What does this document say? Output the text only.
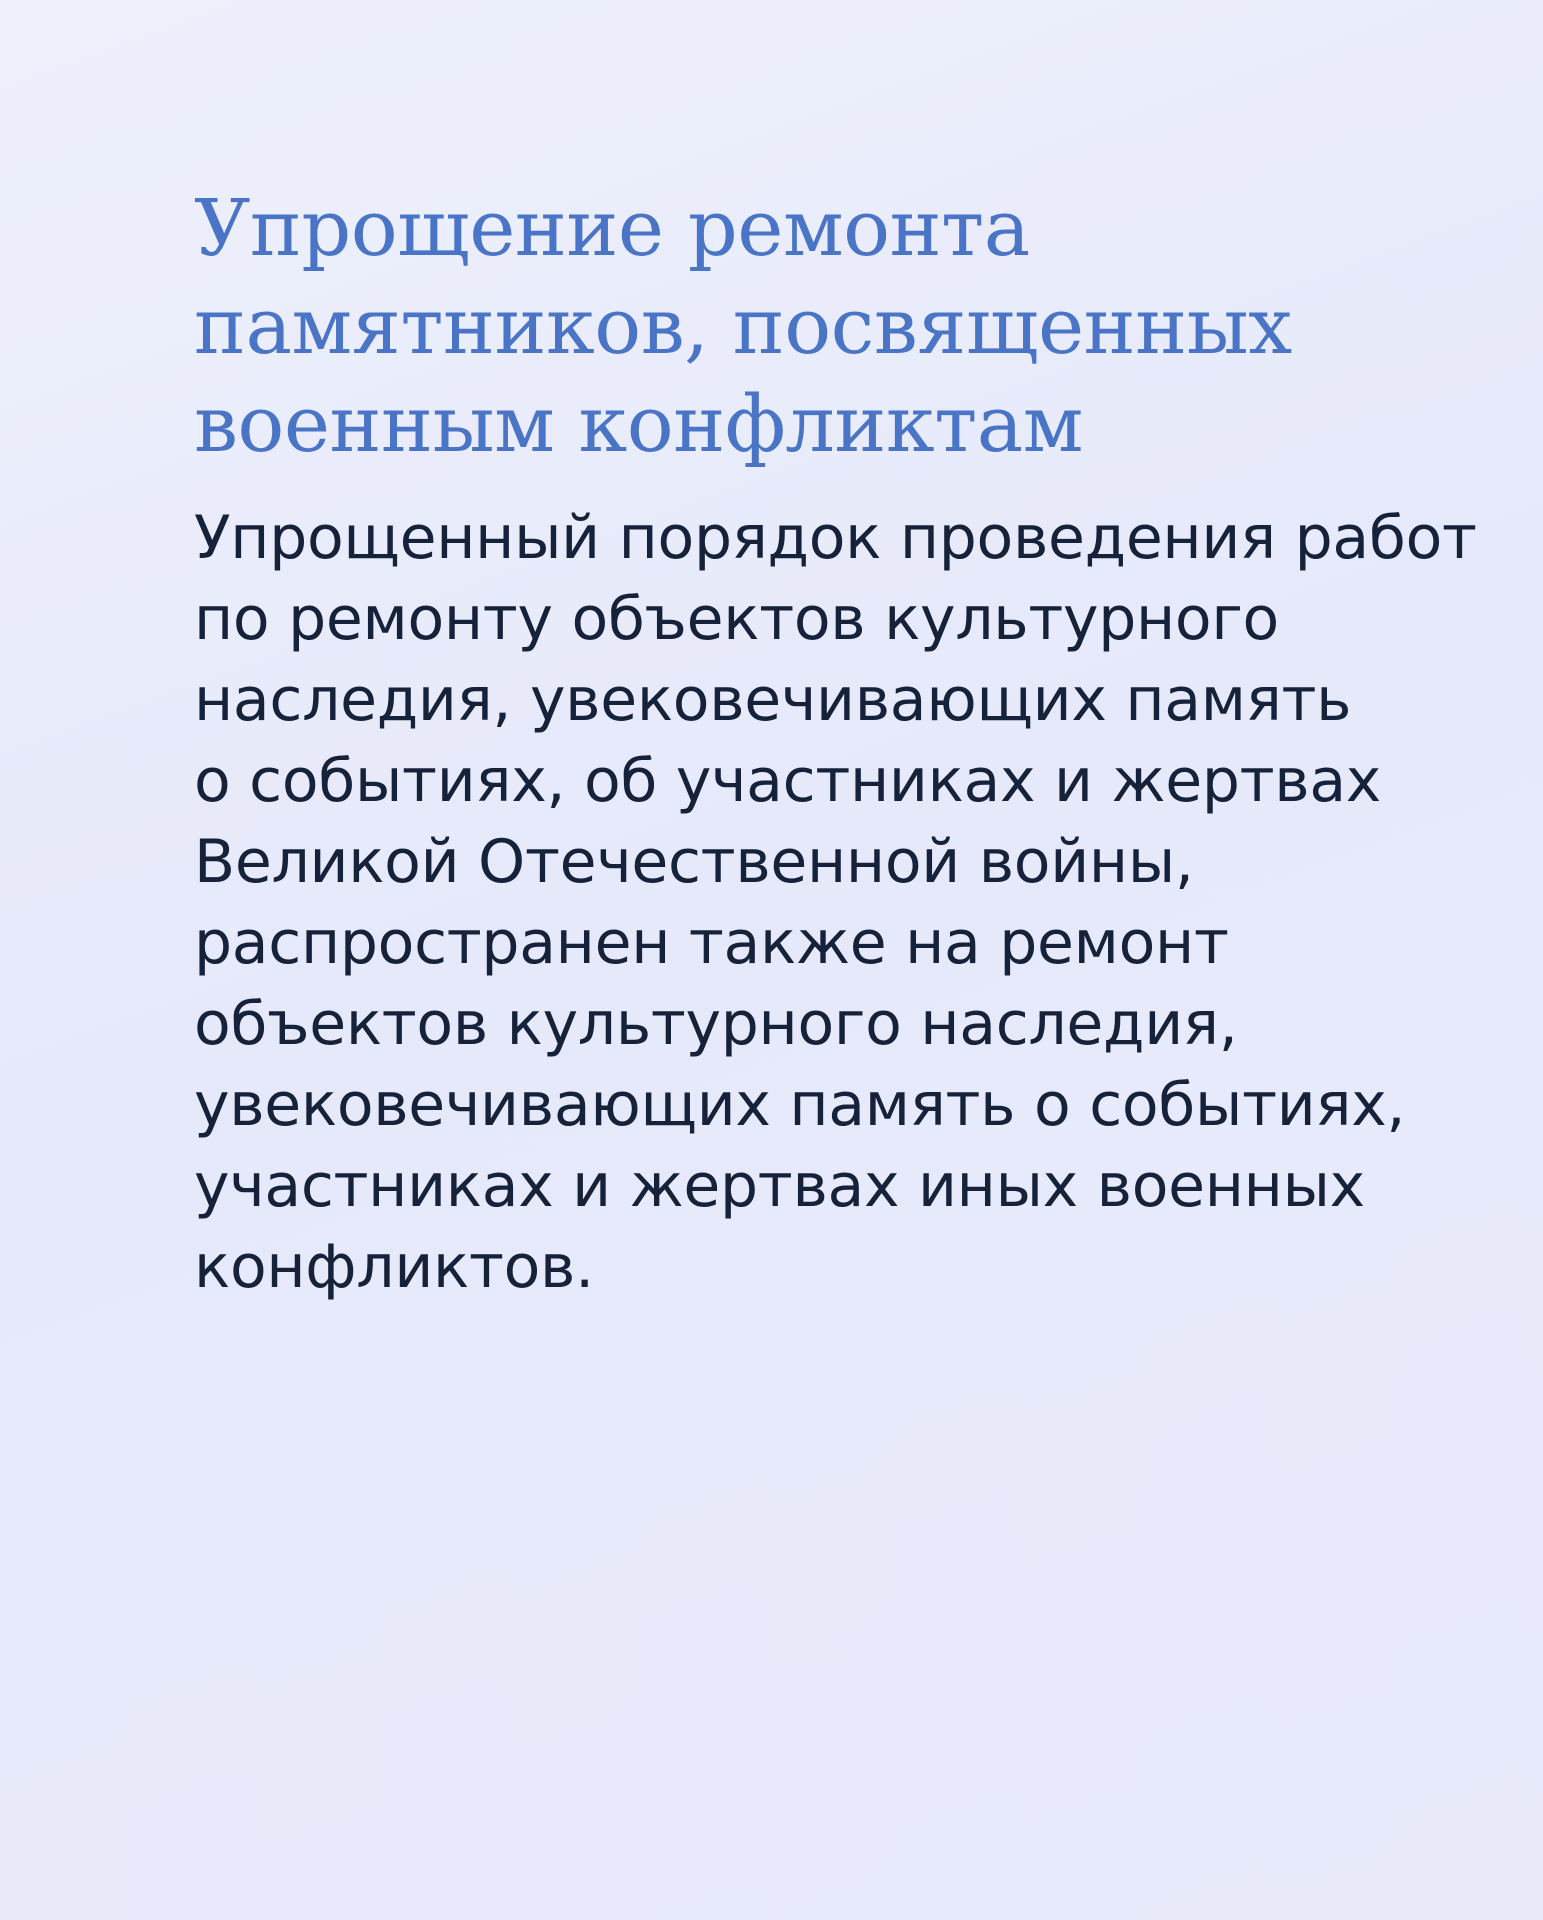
Упрощение ремонта
памятников, посвященных
военным конфликтам

Упрощенный порядок проведения работ
по ремонту объектов культурного
наследия, увековечивающих память
о событиях, об участниках и жертвах
Великой Отечественной войны,
распространен также на ремонт
объектов культурного наследия,
увековечивающих память о событиях,
участниках и жертвах иных военных
конфликтов.
